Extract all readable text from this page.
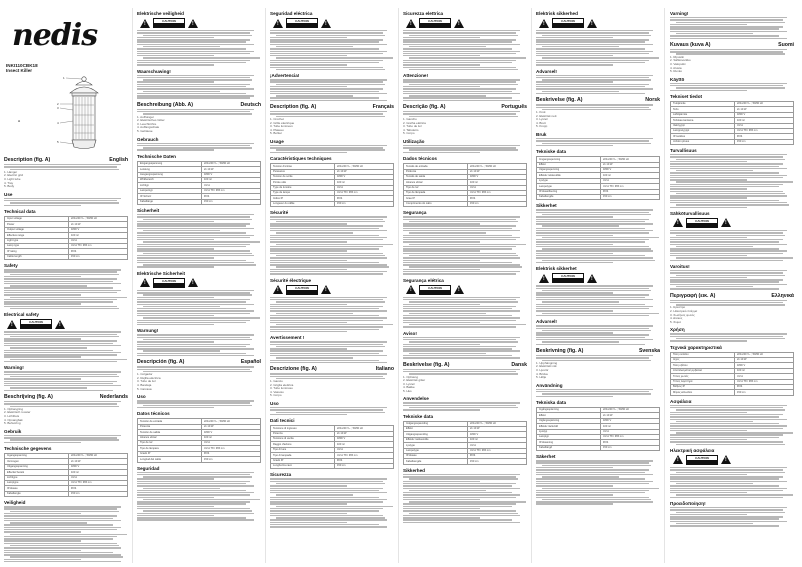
nedis
INKI110CBK18
Insect Killer
A
1
2
3
4
5
Description (fig. A)	English
1. Hanger
2. Electric grid
3. Light tube
4. Tray
5. Body
Use
Technical data
Input voltage	220-240 V~ ; 50/60 Hz
Power	2x 10 W
Output voltage	1800 V
Effective range	100 m²
Light type	UV-A
Lamp type	UV-A T8 / 365 nm
IP rating	IP24
Cable length	150 cm
Safety
Electrical safety
!
CAUTION
!
Warning!
Beschrijving (fig. A)	Nederlands
1. Ophangring
2. Elektrisch rooster
3. Lichtbuis
4. Opvangbak
5. Behuizing
Gebruik
Technische gegevens
Ingangsspanning	220-240 V~ ; 50/60 Hz
Vermogen	2x 10 W
Uitgangsspanning	1800 V
Effectief bereik	100 m²
Lichttype	UV-A
Lamptype	UV-A T8 / 365 nm
IP-klasse	IP24
Kabellengte	150 cm
Veiligheid
Elektrische veiligheid
!
CAUTION
!
Waarschuwing!
Beschreibung (Abb. A)	Deutsch
1. Aufhänger
2. Elektrisches Gitter
3. Leuchtröhre
4. Auffangschale
5. Gehäuse
Gebrauch
Technische Daten
Eingangsspannung	220-240 V~ ; 50/60 Hz
Leistung	2x 10 W
Ausgangsspannung	1800 V
Wirkbereich	100 m²
Lichttyp	UV-A
Lampentyp	UV-A T8 / 365 nm
IP-Schutz	IP24
Kabellänge	150 cm
Sicherheit
Elektrische Sicherheit
!
CAUTION
!
Warnung!
Descripción (fig. A)	Español
1. Colgador
2. Rejilla eléctrica
3. Tubo de luz
4. Bandeja
5. Carcasa
Uso
Datos técnicos
Tensión de entrada	220-240 V~ ; 50/60 Hz
Potencia	2x 10 W
Tensión de salida	1800 V
Alcance eficaz	100 m²
Tipo de luz	UV-A
Tipo de lámpara	UV-A T8 / 365 nm
Grado IP	IP24
Longitud del cable	150 cm
Seguridad
Seguridad eléctrica
!
CAUTION
!
¡Advertencia!
Description (fig. A)	Français
1. Crochet
2. Grille électrique
3. Tube lumineux
4. Plateau
5. Boîtier
Usage
Caractéristiques techniques
Tension d'entrée	220-240 V~ ; 50/60 Hz
Puissance	2x 10 W
Tension de sortie	1800 V
Portée utile	100 m²
Type de lumière	UV-A
Type de lampe	UV-A T8 / 365 nm
Indice IP	IP24
Longueur du câble	150 cm
Sécurité
Sécurité électrique
!
CAUTION
!
Avertissement !
Descrizione (fig. A)	Italiano
1. Gancio
2. Griglia elettrica
3. Tubo luminoso
4. Vassoio
5. Corpo
Uso
Dati tecnici
Tensione di ingresso	220-240 V~ ; 50/60 Hz
Potenza	2x 10 W
Tensione di uscita	1800 V
Raggio d'azione	100 m²
Tipo di luce	UV-A
Tipo di lampada	UV-A T8 / 365 nm
Grado IP	IP24
Lunghezza cavo	150 cm
Sicurezza
Sicurezza elettrica
!
CAUTION
!
Attenzione!
Descrição (fig. A)	Português
1. Gancho
2. Grelha elétrica
3. Tubo de luz
4. Tabuleiro
5. Corpo
Utilização
Dados técnicos
Tensão de entrada	220-240 V~ ; 50/60 Hz
Potência	2x 10 W
Tensão de saída	1800 V
Alcance eficaz	100 m²
Tipo de luz	UV-A
Tipo de lâmpada	UV-A T8 / 365 nm
Grau IP	IP24
Comprimento do cabo	150 cm
Segurança
Segurança elétrica
!
CAUTION
!
Aviso!
Beskrivelse (fig. A)	Dansk
1. Ophæng
2. Elektrisk gitter
3. Lysrør
4. Bakke
5. Hus
Anvendelse
Tekniske data
Indgangsspænding	220-240 V~ ; 50/60 Hz
Effekt	2x 10 W
Udgangsspænding	1800 V
Effektiv rækkevidde	100 m²
Lystype	UV-A
Lampetype	UV-A T8 / 365 nm
IP-klasse	IP24
Kabellængde	150 cm
Sikkerhed
Elektrisk sikkerhed
!
CAUTION
!
Advarsel!
Beskrivelse (fig. A)	Norsk
1. Krok
2. Elektrisk nett
3. Lysrør
4. Brett
5. Kropp
Bruk
Tekniske data
Inngangsspenning	220-240 V~ ; 50/60 Hz
Effekt	2x 10 W
Utgangsspenning	1800 V
Effektiv rekkevidde	100 m²
Lystype	UV-A
Lampetype	UV-A T8 / 365 nm
IP-klassifisering	IP24
Kabellengde	150 cm
Sikkerhet
Elektrisk sikkerhet
!
CAUTION
!
Advarsel!
Beskrivning (fig. A)	Svenska
1. Upphängning
2. Elektriskt nät
3. Ljusrör
4. Bricka
5. Hölje
Användning
Tekniska data
Ingångsspänning	220-240 V~ ; 50/60 Hz
Effekt	2x 10 W
Utgångsspänning	1800 V
Effektiv räckvidd	100 m²
Ljustyp	UV-A
Lamptyp	UV-A T8 / 365 nm
IP-klassning	IP24
Kabellängd	150 cm
Säkerhet
Varning!
Kuvaus (kuva A)	Suomi
1. Ripustin
2. Sähköverkko
3. Valoputki
4. Alusta
5. Runko
Käyttö
Tekniset tiedot
Tulojännite	220-240 V~ ; 50/60 Hz
Teho	2x 10 W
Lähtöjännite	1800 V
Tehokas kantama	100 m²
Valotyyppi	UV-A
Lampputyyppi	UV-A T8 / 365 nm
IP-luokitus	IP24
Johdon pituus	150 cm
Turvallisuus
Sähköturvallisuus
!
CAUTION
!
Varoitus!
Περιγραφή (εικ. A)	Ελληνικά
1. Άγκιστρο
2. Ηλεκτρικό πλέγμα
3. Σωλήνας φωτός
4. Δίσκος
5. Σώμα
Χρήση
Τεχνικά χαρακτηριστικά
Τάση εισόδου	220-240 V~ ; 50/60 Hz
Ισχύς	2x 10 W
Τάση εξόδου	1800 V
Αποτελεσματική εμβέλεια	100 m²
Τύπος φωτός	UV-A
Τύπος λαμπτήρα	UV-A T8 / 365 nm
Βαθμός IP	IP24
Μήκος καλωδίου	150 cm
Ασφάλεια
Ηλεκτρική ασφάλεια
!
CAUTION
!
Προειδοποίηση!
